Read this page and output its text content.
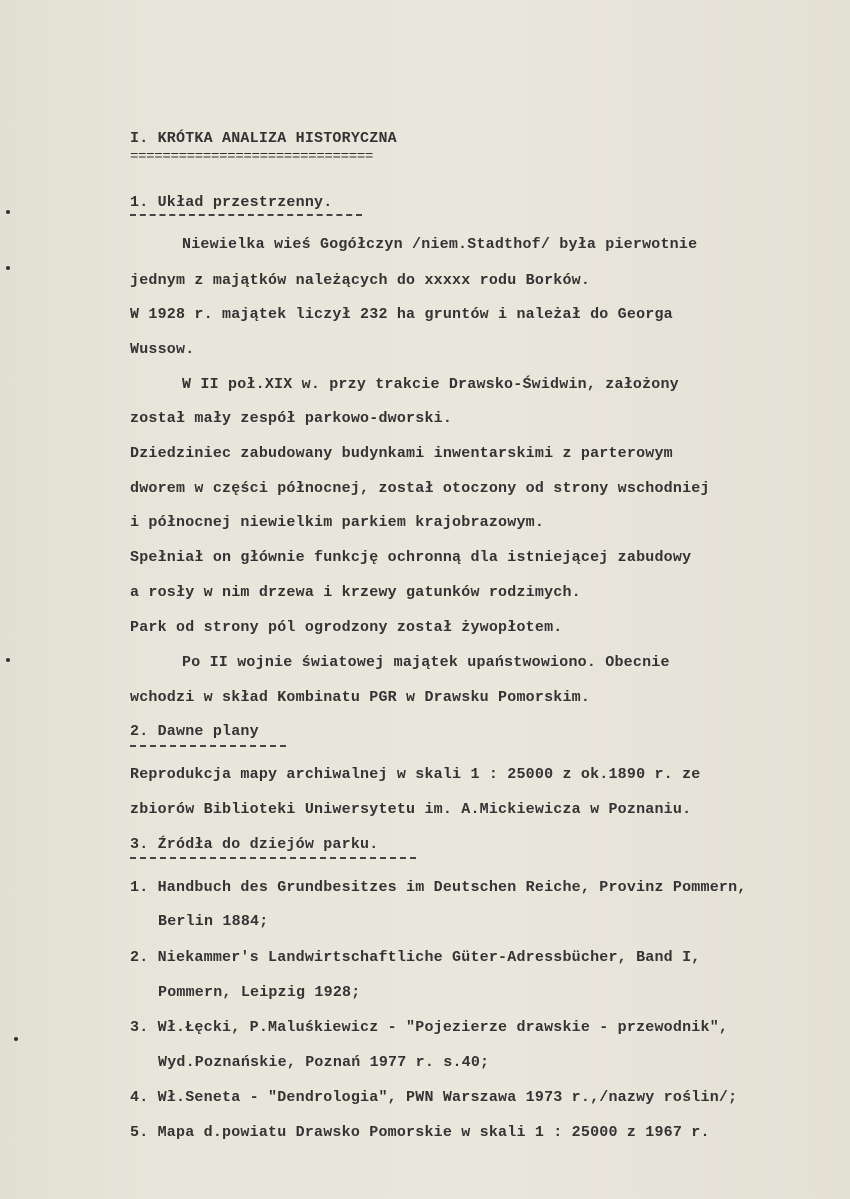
I. KRÓTKA ANALIZA HISTORYCZNA
==============================
1. Układ przestrzenny.
Niewielka wieś Gogółczyn /niem.Stadthof/ była pierwotnie
jednym z majątków należących do xxxxx rodu Borków.
W 1928 r. majątek liczył 232 ha gruntów i należał do Georga
Wussow.
W II poł.XIX w. przy trakcie Drawsko-Świdwin, założony
został mały zespół parkowo-dworski.
Dziedziniec zabudowany budynkami inwentarskimi z parterowym
dworem w części północnej, został otoczony od strony wschodniej
i północnej niewielkim parkiem krajobrazowym.
Spełniał on głównie funkcję ochronną dla istniejącej zabudowy
a rosły w nim drzewa i krzewy gatunków rodzimych.
Park od strony pól ogrodzony został żywopłotem.
Po II wojnie światowej majątek upaństwowiono. Obecnie
wchodzi w skład Kombinatu PGR w Drawsku Pomorskim.
2. Dawne plany
Reprodukcja mapy archiwalnej w skali 1 : 25000 z ok.1890 r. ze
zbiorów Biblioteki Uniwersytetu im. A.Mickiewicza w Poznaniu.
3. Źródła do dziejów parku.
1. Handbuch des Grundbesitzes im Deutschen Reiche, Provinz Pommern,
Berlin 1884;
2. Niekammer's Landwirtschaftliche Güter-Adressbücher, Band I,
Pommern, Leipzig 1928;
3. Wł.Łęcki, P.Maluśkiewicz - "Pojezierze drawskie - przewodnik",
Wyd.Poznańskie, Poznań 1977 r. s.40;
4. Wł.Seneta - "Dendrologia", PWN Warszawa 1973 r.,/nazwy roślin/;
5. Mapa d.powiatu Drawsko Pomorskie w skali 1 : 25000 z 1967 r.
